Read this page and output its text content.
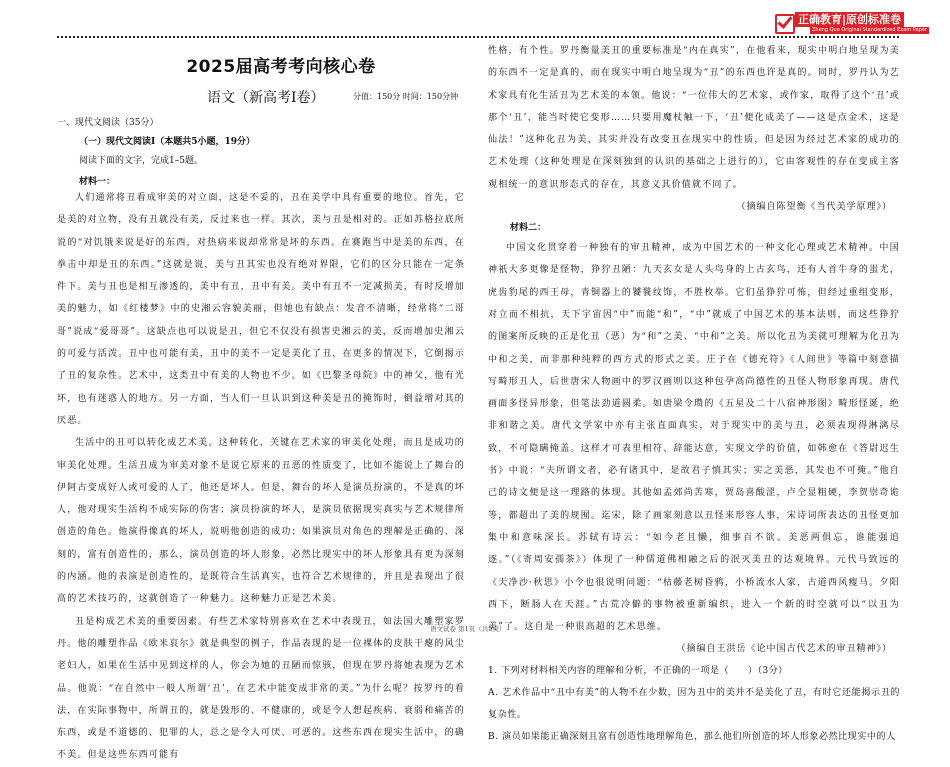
正确教育|原创标准卷
Zheng Que Original Standardized Exam Paper
2025届高考考向核心卷
语文（新高考Ⅰ卷）	分值：150分 时间：150分钟
一、现代文阅读（35分）
（一）现代文阅读Ⅰ（本题共5小题，19分）
阅读下面的文字，完成1–5题。
材料一：

人们通常将丑看成审美的对立面，这是不妥的，丑在美学中具有重要的地位。首先，它是美的对立物，没有丑就没有美，反过来也一样。其次，美与丑是相对的。正如苏格拉底所说的“对饥饿来说是好的东西，对热病来说却常常是坏的东西。在赛跑当中是美的东西，在拳击中却是丑的东西。”这就是说，美与丑其实也没有绝对界限，它们的区分只能在一定条件下。美与丑也是相互渗透的，美中有丑，丑中有美。美中有丑不一定减损美，有时反增加美的魅力，如《红楼梦》中的史湘云容貌美丽，但她也有缺点：发音不清晰，经常将“二哥哥”说成“爱哥哥”。这缺点也可以说是丑，但它不仅没有损害史湘云的美，反而增加史湘云的可爱与活泼。丑中也可能有美，丑中的美不一定是美化了丑，在更多的情况下，它倒揭示了丑的复杂性。艺术中，这类丑中有美的人物也不少。如《巴黎圣母院》中的神父，他有光环，也有迷惑人的地方。另一方面，当人们一旦认识到这种美是丑的掩饰时，倒益增对其的厌恶。

生活中的丑可以转化成艺术美。这种转化，关键在艺术家的审美化处理，而且是成功的审美化处理。生活丑成为审美对象不是说它原来的丑恶的性质变了，比如不能说上了舞台的伊阿古变成好人或可爱的人了，他还是坏人。但是，舞台的坏人是演员扮演的，不是真的坏人，他对现实生活构不成实际的伤害；演员扮演的坏人，是演员依据现实真实与艺术规律所创造的角色。他演得像真的坏人，说明他创造的成功；如果演员对角色的理解是正确的、深刻的，富有创造性的，那么，演员创造的坏人形象，必然比现实中的坏人形象具有更为深刻的内涵。他的表演是创造性的，是既符合生活真实，也符合艺术规律的，并且是表现出了很高的艺术技巧的，这就创造了一种魅力。这种魅力正是艺术美。

丑是构成艺术美的重要因素。有些艺术家特别喜欢在艺术中表现丑，如法国大雕塑家罗丹。他的雕塑作品《欧米哀尔》就是典型的例子，作品表现的是一位裸体的皮肤干瘪的风尘老妇人，如果在生活中见到这样的人，你会为她的丑陋而惊骇，但现在罗丹将她表现为艺术品。他说：“在自然中一般人所谓‘丑’，在艺术中能变成非常的美。”为什么呢？按罗丹的看法，在实际事物中，所谓丑的，就是毁形的、不健康的，或是令人想起疾病、衰弱和痛苦的东西，或是不道德的、犯罪的人，总之是令人可厌、可恶的。这些东西在现实生活中，的确不美。但是这些东西可能有

性格，有个性。罗丹衡量美丑的重要标准是“内在真实”，在他看来，现实中明白地呈现为美的东西不一定是真的，而在现实中明白地呈现为“丑”的东西也许是真的。同时，罗丹认为艺术家具有化生活丑为艺术美的本领。他说：“一位伟大的艺术家，或作家，取得了这个‘丑’或那个‘丑’，能当时使它变形……只要用魔杖触一下，‘丑’便化成美了——这是点金术，这是仙法！”这种化丑为美，其实并没有改变丑在现实中的性质，但是因为经过艺术家的成功的艺术处理（这种处理是在深刻独到的认识的基础之上进行的），它由客观性的存在变成主客观相统一的意识形态式的存在，其意义其价值就不同了。

（摘编自陈望衡《当代美学原理》）
材料二：

中国文化贯穿着一种独有的审丑精神，成为中国艺术的一种文化心理或艺术精神。中国神祇大多更像是怪物，狰狞丑陋：九天玄女是人头鸟身的上古玄鸟，还有人首牛身的蚩尤，虎齿豹尾的西王母，青铜器上的饕餮纹饰，不胜枚举。它们虽狰狞可怖，但经过重组变形，对立而不相抗，天下宇宙因“中”而能“和”，“中”就成了中国艺术的基本法则，而这些狰狞的图案所反映的正是化丑（恶）为“和”之美、“中和”之美。所以化丑为美就可理解为化丑为中和之美，而非那种纯粹的西方式的形式之美。庄子在《德充符》《人间世》等篇中刻意描写畸形丑人，后世唐宋人物画中的罗汉画则以这种包孕高尚德性的丑怪人物形象再现。唐代画面多怪异形象，但笔法劲道圆柔。如唐梁令瓒的《五星及二十八宿神形图》畸形怪诞，绝非和谐之美。唐代文学家中亦有主张直面真实，对于现实中的美与丑，必须表现得淋漓尽致，不可隐瞒掩盖。这样才可表里相符、辞能达意，实现文学的价值，如韩愈在《答尉迟生书》中说：“夫所谓文者，必有诸其中，是故君子慎其实；实之美恶，其发也不可掩。”他自己的诗文便是这一理路的体现。其他如孟郊尚苦寒，贾岛喜酸涩，卢仝显粗硬，李贺崇奇诡等，都超出了美的规囿。迄宋，除了画家刻意以丑怪来形容人事，宋诗词所表达的丑怪更加集中和意味深长。苏轼有诗云：“如今老且懒，细事百不欲。美恶两俱忘，谁能强追逐。”（《寄周安孺茶》）体现了一种儒道佛相融之后的泯灭美丑的达观境界。元代马致远的《天净沙·秋思》小令也很说明问题：“枯藤老树昏鸦，小桥流水人家，古道西风瘦马。夕阳西下，断肠人在天涯。”古荒冷僻的事物被重新编织，进入一个新的时空就可以“以丑为美”了。这自是一种很高超的艺术思维。

（摘编自王洪岳《论中国古代艺术的审丑精神》）
1. 下列对材料相关内容的理解和分析，不正确的一项是（　　）（3分）
A. 艺术作品中“丑中有美”的人物不在少数，因为丑中的美并不是美化了丑，有时它还能揭示丑的复杂性。
B. 演员如果能正确深刻且富有创造性地理解角色，那么他们所创造的坏人形象必然比现实中的人
语文试卷 第1页（共5页）
